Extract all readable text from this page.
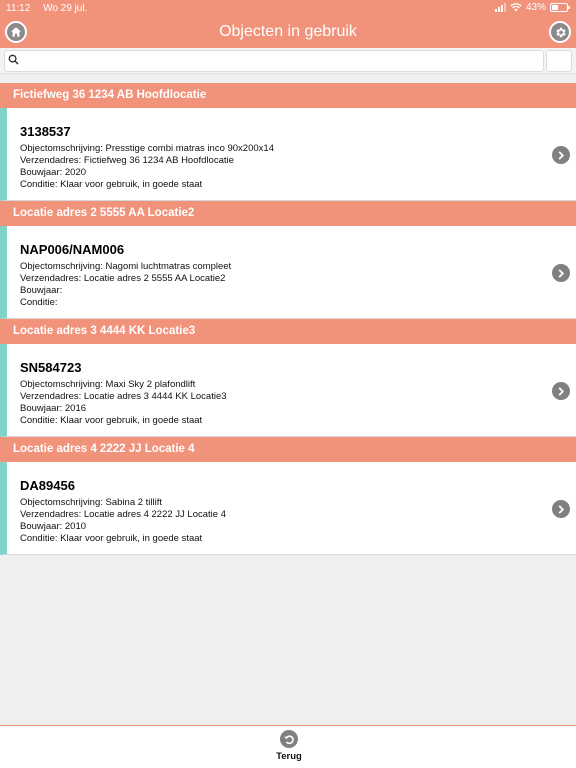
11:12 Wo 29 jul.	43%
Objecten in gebruik
Fictiefweg 36 1234 AB Hoofdlocatie
3138537
Objectomschrijving: Presstige combi matras inco 90x200x14
Verzendadres: Fictiefweg 36 1234 AB Hoofdlocatie
Bouwjaar: 2020
Conditie: Klaar voor gebruik, in goede staat
Locatie adres 2 5555 AA Locatie2
NAP006/NAM006
Objectomschrijving: Nagomi luchtmatras compleet
Verzendadres: Locatie adres 2 5555 AA Locatie2
Bouwjaar:
Conditie:
Locatie adres 3 4444 KK Locatie3
SN584723
Objectomschrijving: Maxi Sky 2 plafondlift
Verzendadres: Locatie adres 3 4444 KK Locatie3
Bouwjaar: 2016
Conditie: Klaar voor gebruik, in goede staat
Locatie adres 4 2222 JJ Locatie 4
DA89456
Objectomschrijving: Sabina 2 tillift
Verzendadres: Locatie adres 4 2222 JJ Locatie 4
Bouwjaar: 2010
Conditie: Klaar voor gebruik, in goede staat
Terug
